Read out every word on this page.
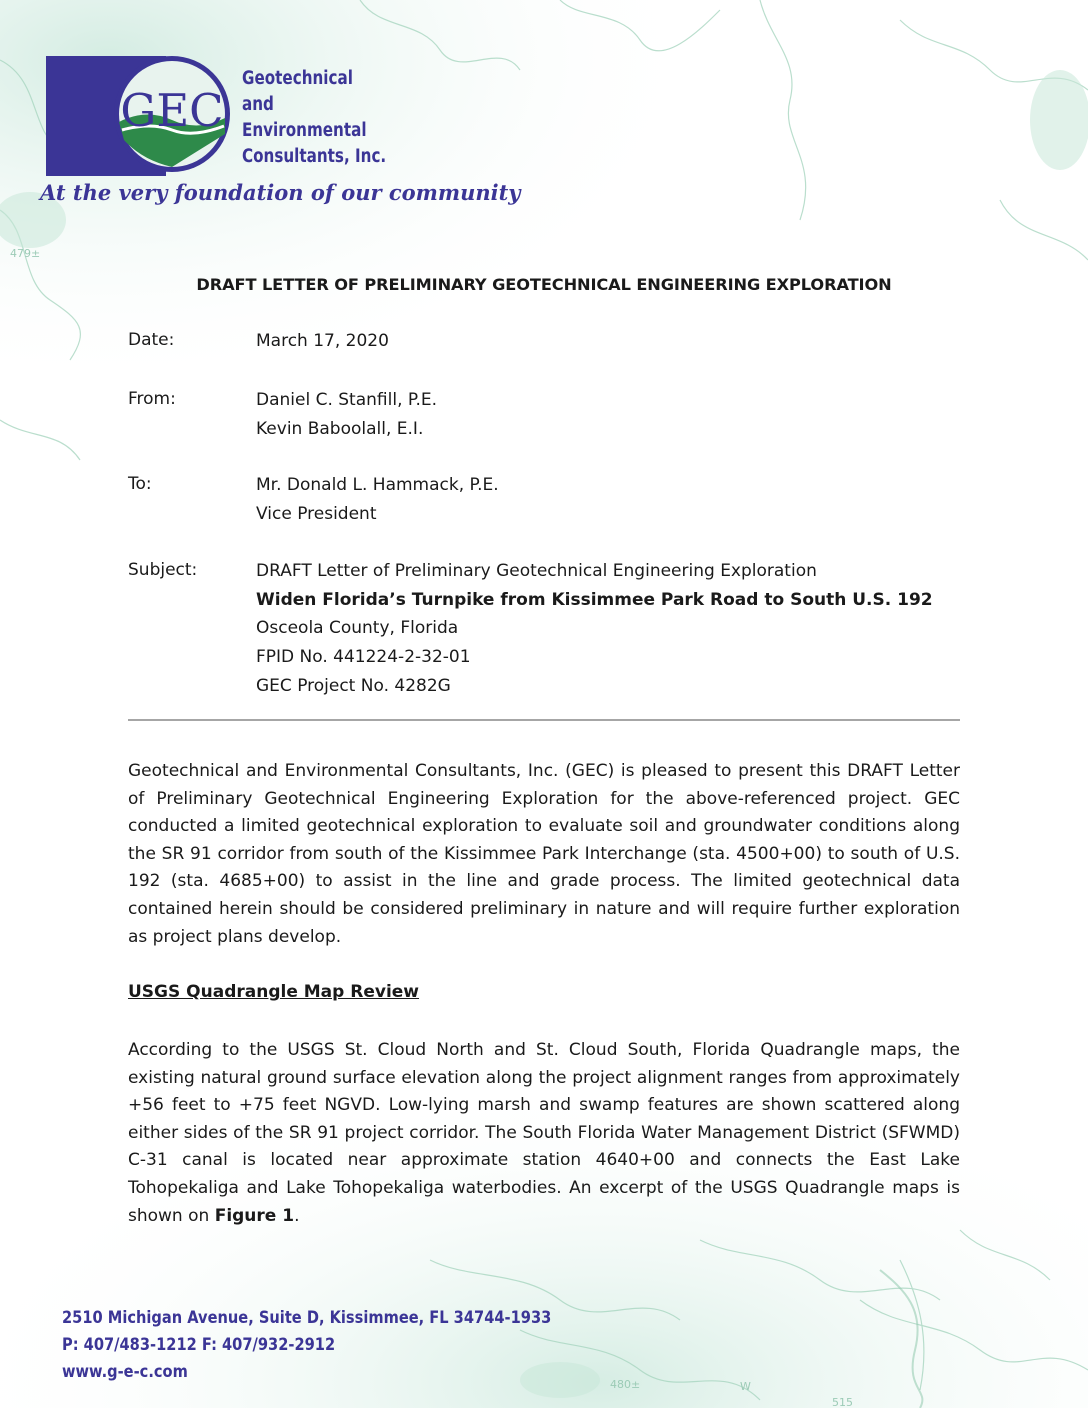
479±
480±	W
515
GEC
Geotechnical
and
Environmental
Consultants, Inc.
At the very foundation of our community
DRAFT LETTER OF PRELIMINARY GEOTECHNICAL ENGINEERING EXPLORATION
Date:	March 17, 2020
From:	Daniel C. Stanfill, P.E.
Kevin Baboolall, E.I.
To:	Mr. Donald L. Hammack, P.E.
Vice President
Subject:	DRAFT Letter of Preliminary Geotechnical Engineering Exploration
Widen Florida’s Turnpike from Kissimmee Park Road to South U.S. 192
Osceola County, Florida
FPID No. 441224-2-32-01
GEC Project No. 4282G

Geotechnical and Environmental Consultants, Inc. (GEC) is pleased to present this DRAFT Letter of Preliminary Geotechnical Engineering Exploration for the above-referenced project. GEC conducted a limited geotechnical exploration to evaluate soil and groundwater conditions along the SR 91 corridor from south of the Kissimmee Park Interchange (sta. 4500+00) to south of U.S. 192 (sta. 4685+00) to assist in the line and grade process. The limited geotechnical data contained herein should be considered preliminary in nature and will require further exploration as project plans develop.

USGS Quadrangle Map Review

According to the USGS St. Cloud North and St. Cloud South, Florida Quadrangle maps, the existing natural ground surface elevation along the project alignment ranges from approximately +56 feet to +75 feet NGVD. Low-lying marsh and swamp features are shown scattered along either sides of the SR 91 project corridor. The South Florida Water Management District (SFWMD) C-31 canal is located near approximate station 4640+00 and connects the East Lake Tohopekaliga and Lake Tohopekaliga waterbodies. An excerpt of the USGS Quadrangle maps is shown on Figure 1.

2510 Michigan Avenue, Suite D, Kissimmee, FL 34744-1933
P: 407/483-1212 F: 407/932-2912
www.g-e-c.com
